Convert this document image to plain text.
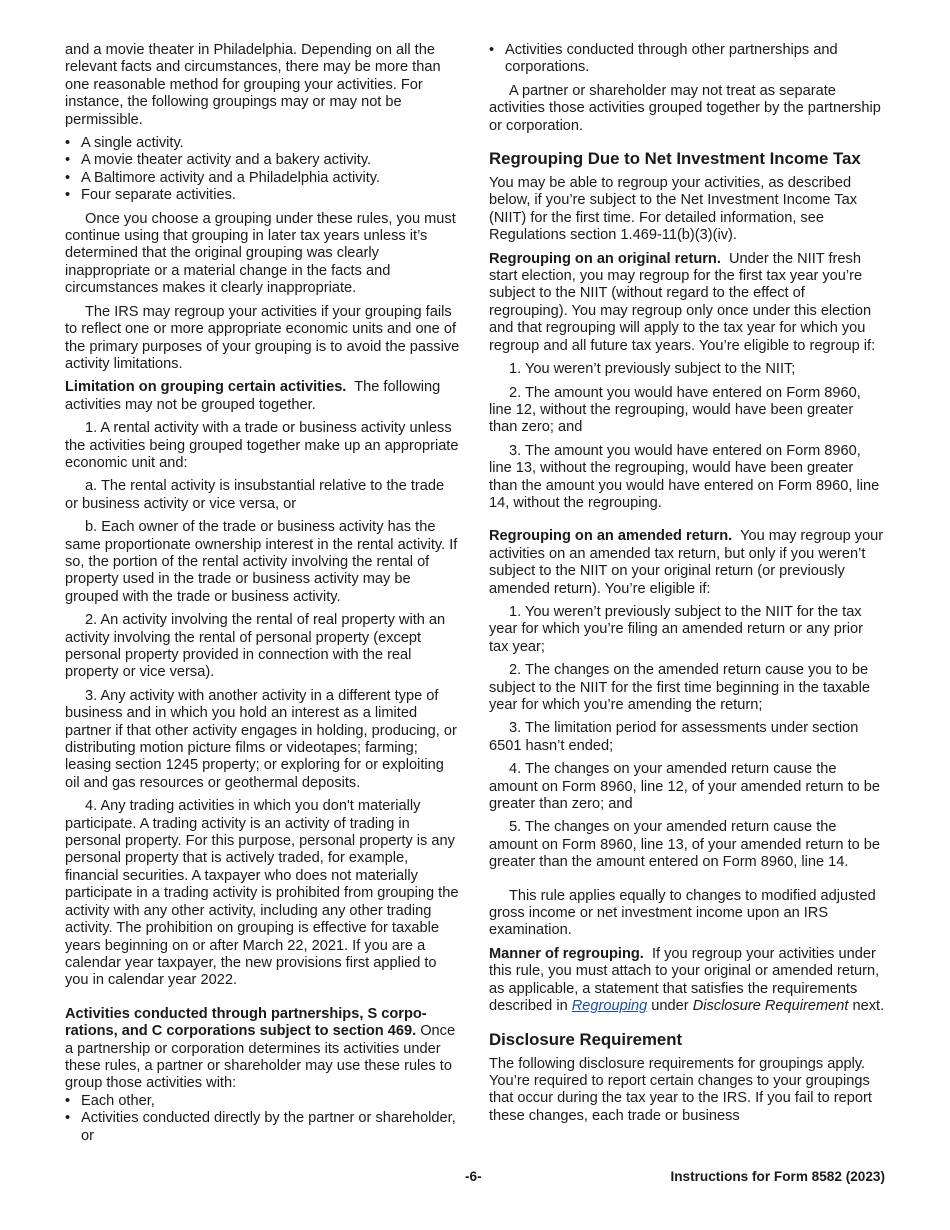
and a movie theater in Philadelphia. Depending on all the relevant facts and circumstances, there may be more than one reasonable method for grouping your activities. For instance, the following groupings may or may not be permissible.

• A single activity.
• A movie theater activity and a bakery activity.
• A Baltimore activity and a Philadelphia activity.
• Four separate activities.

Once you choose a grouping under these rules, you must continue using that grouping in later tax years unless it’s determined that the original grouping was clearly inappropriate or a material change in the facts and circumstances makes it clearly inappropriate.

The IRS may regroup your activities if your grouping fails to reflect one or more appropriate economic units and one of the primary purposes of your grouping is to avoid the passive activity limitations.

Limitation on grouping certain activities. The following activities may not be grouped together.

1. A rental activity with a trade or business activity unless the activities being grouped together make up an appropriate economic unit and:

a. The rental activity is insubstantial relative to the trade or business activity or vice versa, or

b. Each owner of the trade or business activity has the same proportionate ownership interest in the rental activity. If so, the portion of the rental activity involving the rental of property used in the trade or business activity may be grouped with the trade or business activity.

2. An activity involving the rental of real property with an activity involving the rental of personal property (except personal property provided in connection with the real property or vice versa).

3. Any activity with another activity in a different type of business and in which you hold an interest as a limited partner if that other activity engages in holding, producing, or distributing motion picture films or videotapes; farming; leasing section 1245 property; or exploring for or exploiting oil and gas resources or geothermal deposits.

4. Any trading activities in which you don't materially participate. A trading activity is an activity of trading in personal property. For this purpose, personal property is any personal property that is actively traded, for example, financial securities. A taxpayer who does not materially participate in a trading activity is prohibited from grouping the activity with any other activity, including any other trading activity. The prohibition on grouping is effective for taxable years beginning on or after March 22, 2021. If you are a calendar year taxpayer, the new provisions first applied to you in calendar year 2022.

Activities conducted through partnerships, S corpo-rations, and C corporations subject to section 469. Once a partnership or corporation determines its activities under these rules, a partner or shareholder may use these rules to group those activities with:

• Each other,
• Activities conducted directly by the partner or shareholder, or
• Activities conducted through other partnerships and corporations.

A partner or shareholder may not treat as separate activities those activities grouped together by the partnership or corporation.

Regrouping Due to Net Investment Income Tax

You may be able to regroup your activities, as described below, if you’re subject to the Net Investment Income Tax (NIIT) for the first time. For detailed information, see Regulations section 1.469-11(b)(3)(iv).

Regrouping on an original return. Under the NIIT fresh start election, you may regroup for the first tax year you’re subject to the NIIT (without regard to the effect of regrouping). You may regroup only once under this election and that regrouping will apply to the tax year for which you regroup and all future tax years. You’re eligible to regroup if:

1. You weren’t previously subject to the NIIT;

2. The amount you would have entered on Form 8960, line 12, without the regrouping, would have been greater than zero; and

3. The amount you would have entered on Form 8960, line 13, without the regrouping, would have been greater than the amount you would have entered on Form 8960, line 14, without the regrouping.

Regrouping on an amended return. You may regroup your activities on an amended tax return, but only if you weren’t subject to the NIIT on your original return (or previously amended return). You’re eligible if:

1. You weren’t previously subject to the NIIT for the tax year for which you’re filing an amended return or any prior tax year;

2. The changes on the amended return cause you to be subject to the NIIT for the first time beginning in the taxable year for which you’re amending the return;

3. The limitation period for assessments under section 6501 hasn’t ended;

4. The changes on your amended return cause the amount on Form 8960, line 12, of your amended return to be greater than zero; and

5. The changes on your amended return cause the amount on Form 8960, line 13, of your amended return to be greater than the amount entered on Form 8960, line 14.

This rule applies equally to changes to modified adjusted gross income or net investment income upon an IRS examination.

Manner of regrouping. If you regroup your activities under this rule, you must attach to your original or amended return, as applicable, a statement that satisfies the requirements described in Regrouping under Disclosure Requirement next.

Disclosure Requirement

The following disclosure requirements for groupings apply. You’re required to report certain changes to your groupings that occur during the tax year to the IRS. If you fail to report these changes, each trade or business

-6-	Instructions for Form 8582 (2023)
